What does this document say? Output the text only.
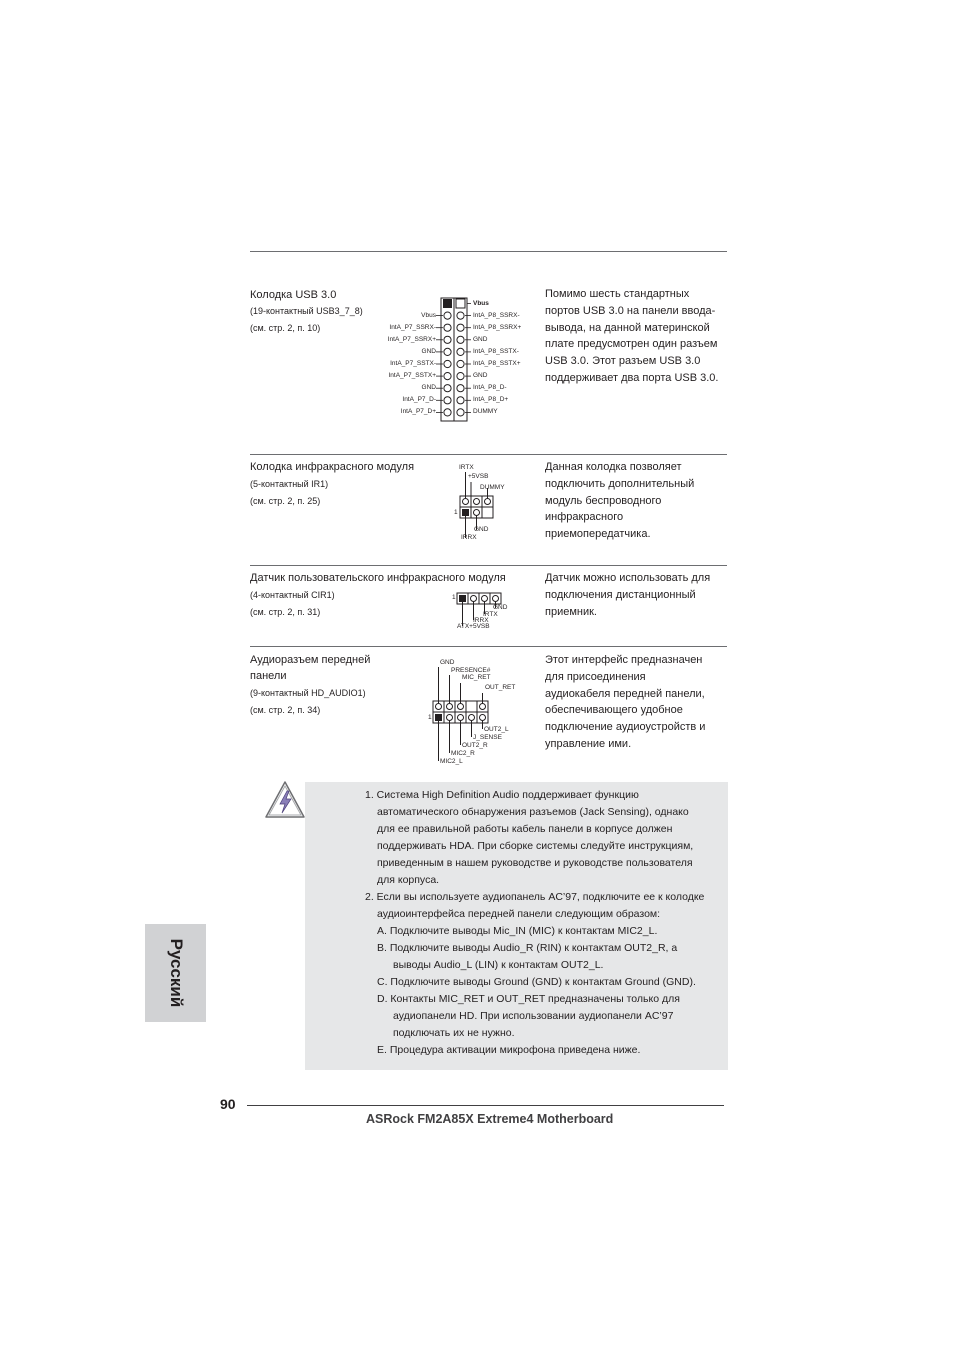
Колодка USB 3.0
(19-контактный USB3_7_8)
(см. стр. 2, п. 10)
Vbus
IntA_P7_SSRX-
IntA_P7_SSRX+
GND
IntA_P7_SSTX-
IntA_P7_SSTX+
GND
IntA_P7_D-
IntA_P7_D+
Vbus
IntA_P8_SSRX-
IntA_P8_SSRX+
GND
IntA_P8_SSTX-
IntA_P8_SSTX+
GND
IntA_P8_D-
IntA_P8_D+
DUMMY
Помимо шесть стандартных
портов USB 3.0 на панели ввода-
вывода, на данной материнской
плате предусмотрен один разъем
USB 3.0. Этот разъем USB 3.0
поддерживает два порта USB 3.0.
Колодка инфракрасного модуля
(5-контактный IR1)
(см. стр. 2, п. 25)
IRTX
+5VSB
DUMMY
1
GND
IRRX
Данная колодка позволяет
подключить дополнительный
модуль беспроводного
инфракрасного
приемопередатчика.
Датчик пользовательского инфракрасного модуля
(4-контактный CIR1)
(см. стр. 2, п. 31)
1
GND
IRTX
IRRX
ATX+5VSB
Датчик можно использовать для
подключения дистанционный
приемник.
Аудиоразъем передней
панели
(9-контактный HD_AUDIO1)
(см. стр. 2, п. 34)
GND
PRESENCE#
MIC_RET
OUT_RET
1
OUT2_L
J_SENSE
OUT2_R
MIC2_R
MIC2_L
Этот интерфейс предназначен
для присоединения
аудиокабеля передней панели,
обеспечивающего удобное
подключение аудиоустройств и
управление ими.
1. Система High Definition Audio поддерживает функцию
автоматического обнаружения разъемов (Jack Sensing), однако
для ее правильной работы кабель панели в корпусе должен
поддерживать HDA. При сборке системы следуйте инструкциям,
приведенным в нашем руководстве и руководстве пользователя
для корпуса.
2. Если вы используете аудиопанель AC’97, подключите ее к колодке
аудиоинтерфейса передней панели следующим образом:
A. Подключите выводы Mic_IN (MIC) к контактам MIC2_L.
B. Подключите выводы Audio_R (RIN) к контактам OUT2_R, а
выводы Audio_L (LIN) к контактам OUT2_L.
C. Подключите выводы Ground (GND) к контактам Ground (GND).
D. Контакты MIC_RET и OUT_RET предназначены только для
аудиопанели HD. При использовании аудиопанели AC’97
подключать их не нужно.
E. Процедура активации микрофона приведена ниже.
Русский
90
ASRock FM2A85X Extreme4 Motherboard
